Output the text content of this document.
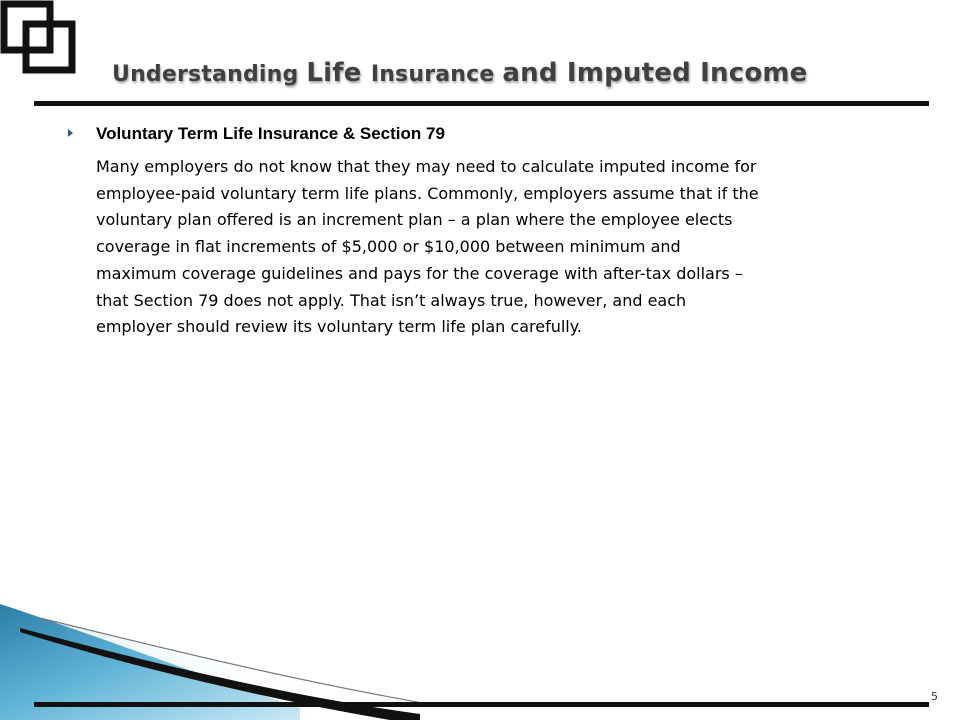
Understanding Life Insurance and Imputed Income
Voluntary Term Life Insurance & Section 79
Many employers do not know that they may need to calculate imputed income for
employee-paid voluntary term life plans. Commonly, employers assume that if the
voluntary plan offered is an increment plan – a plan where the employee elects
coverage in flat increments of $5,000 or $10,000 between minimum and
maximum coverage guidelines and pays for the coverage with after-tax dollars –
that Section 79 does not apply. That isn’t always true, however, and each
employer should review its voluntary term life plan carefully.
5
